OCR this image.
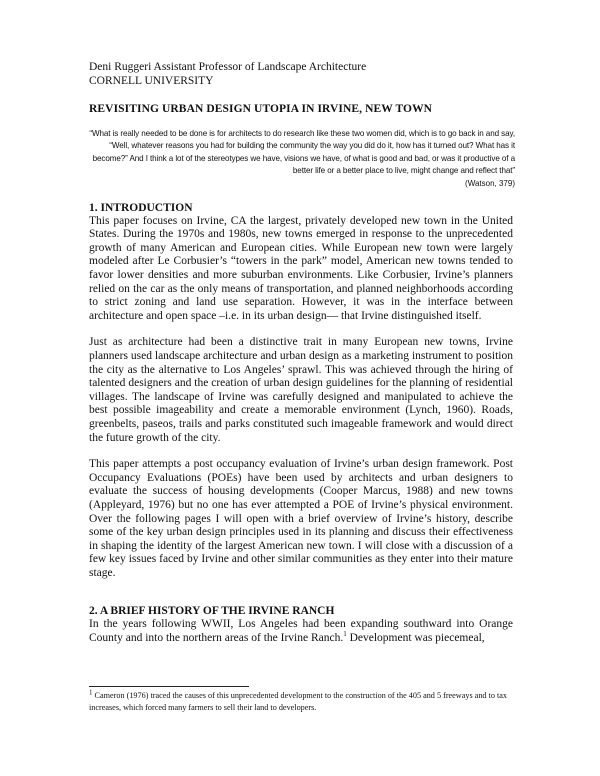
Deni Ruggeri Assistant Professor of Landscape Architecture
CORNELL UNIVERSITY
REVISITING URBAN DESIGN UTOPIA IN IRVINE, NEW TOWN
“What is really needed to be done is for architects to do research like these two women did, which is to go back in and say, “Well, whatever reasons you had for building the community the way you did do it, how has it turned out? What has it become?” And I think a lot of the stereotypes we have, visions we have, of what is good and bad, or was it productive of a better life or a better place to live, might change and reflect that”
(Watson, 379)
1. INTRODUCTION

This paper focuses on Irvine, CA the largest, privately developed new town in the United States. During the 1970s and 1980s, new towns emerged in response to the unprecedented growth of many American and European cities. While European new town were largely modeled after Le Corbusier’s “towers in the park” model, American new towns tended to favor lower densities and more suburban environments. Like Corbusier, Irvine’s planners relied on the car as the only means of transportation, and planned neighborhoods according to strict zoning and land use separation. However, it was in the interface between architecture and open space –i.e. in its urban design— that Irvine distinguished itself.

Just as architecture had been a distinctive trait in many European new towns, Irvine planners used landscape architecture and urban design as a marketing instrument to position the city as the alternative to Los Angeles’ sprawl. This was achieved through the hiring of talented designers and the creation of urban design guidelines for the planning of residential villages. The landscape of Irvine was carefully designed and manipulated to achieve the best possible imageability and create a memorable environment (Lynch, 1960). Roads, greenbelts, paseos, trails and parks constituted such imageable framework and would direct the future growth of the city.

This paper attempts a post occupancy evaluation of Irvine’s urban design framework. Post Occupancy Evaluations (POEs) have been used by architects and urban designers to evaluate the success of housing developments (Cooper Marcus, 1988) and new towns (Appleyard, 1976) but no one has ever attempted a POE of Irvine’s physical environment. Over the following pages I will open with a brief overview of Irvine’s history, describe some of the key urban design principles used in its planning and discuss their effectiveness in shaping the identity of the largest American new town. I will close with a discussion of a few key issues faced by Irvine and other similar communities as they enter into their mature stage.

2. A BRIEF HISTORY OF THE IRVINE RANCH

In the years following WWII, Los Angeles had been expanding southward into Orange County and into the northern areas of the Irvine Ranch.$^1$ Development was piecemeal,

$^1$ Cameron (1976) traced the causes of this unprecedented development to the construction of the 405 and 5 freeways and to tax increases, which forced many farmers to sell their land to developers.
